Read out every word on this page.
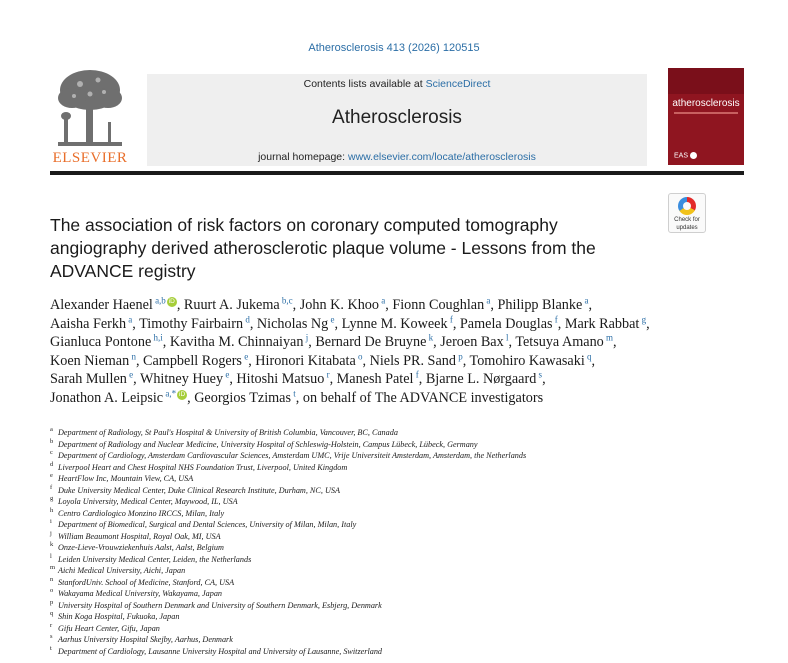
Atherosclerosis 413 (2026) 120515
ELSEVIER
Contents lists available at ScienceDirect
Atherosclerosis
journal homepage: www.elsevier.com/locate/atherosclerosis
atherosclerosis
EAS
Check for
updates
The association of risk factors on coronary computed tomography angiography derived atherosclerotic plaque volume - Lessons from the ADVANCE registry
Alexander Haenel $^{a,b}$ iD , Ruurt A. Jukema $^{b,c}$, John K. Khoo $^a$, Fionn Coughlan $^a$, Philipp Blanke $^a$, Aaisha Ferkh $^a$, Timothy Fairbairn $^d$, Nicholas Ng $^e$, Lynne M. Koweek $^f$, Pamela Douglas $^f$, Mark Rabbat $^g$, Gianluca Pontone $^{h,i}$, Kavitha M. Chinnaiyan $^j$, Bernard De Bruyne $^k$, Jeroen Bax $^l$, Tetsuya Amano $^m$, Koen Nieman $^n$, Campbell Rogers $^e$, Hironori Kitabata $^o$, Niels PR. Sand $^p$, Tomohiro Kawasaki $^q$, Sarah Mullen $^e$, Whitney Huey $^e$, Hitoshi Matsuo $^r$, Manesh Patel $^f$, Bjarne L. Nørgaard $^s$, Jonathon A. Leipsic $^{a,*}$ iD , Georgios Tzimas $^t$, on behalf of The ADVANCE investigators
a Department of Radiology, St Paul's Hospital & University of British Columbia, Vancouver, BC, Canada
b Department of Radiology and Nuclear Medicine, University Hospital of Schleswig-Holstein, Campus Lübeck, Lübeck, Germany
c Department of Cardiology, Amsterdam Cardiovascular Sciences, Amsterdam UMC, Vrije Universiteit Amsterdam, Amsterdam, the Netherlands
d Liverpool Heart and Chest Hospital NHS Foundation Trust, Liverpool, United Kingdom
e HeartFlow Inc, Mountain View, CA, USA
f Duke University Medical Center, Duke Clinical Research Institute, Durham, NC, USA
g Loyola University, Medical Center, Maywood, IL, USA
h Centro Cardiologico Monzino IRCCS, Milan, Italy
i Department of Biomedical, Surgical and Dental Sciences, University of Milan, Milan, Italy
j William Beaumont Hospital, Royal Oak, MI, USA
k Onze-Lieve-Vrouwziekenhuis Aalst, Aalst, Belgium
l Leiden University Medical Center, Leiden, the Netherlands
m Aichi Medical University, Aichi, Japan
n StanfordUniv. School of Medicine, Stanford, CA, USA
o Wakayama Medical University, Wakayama, Japan
p University Hospital of Southern Denmark and University of Southern Denmark, Esbjerg, Denmark
q Shin Koga Hospital, Fukuoka, Japan
r Gifu Heart Center, Gifu, Japan
s Aarhus University Hospital Skejby, Aarhus, Denmark
t Department of Cardiology, Lausanne University Hospital and University of Lausanne, Switzerland
